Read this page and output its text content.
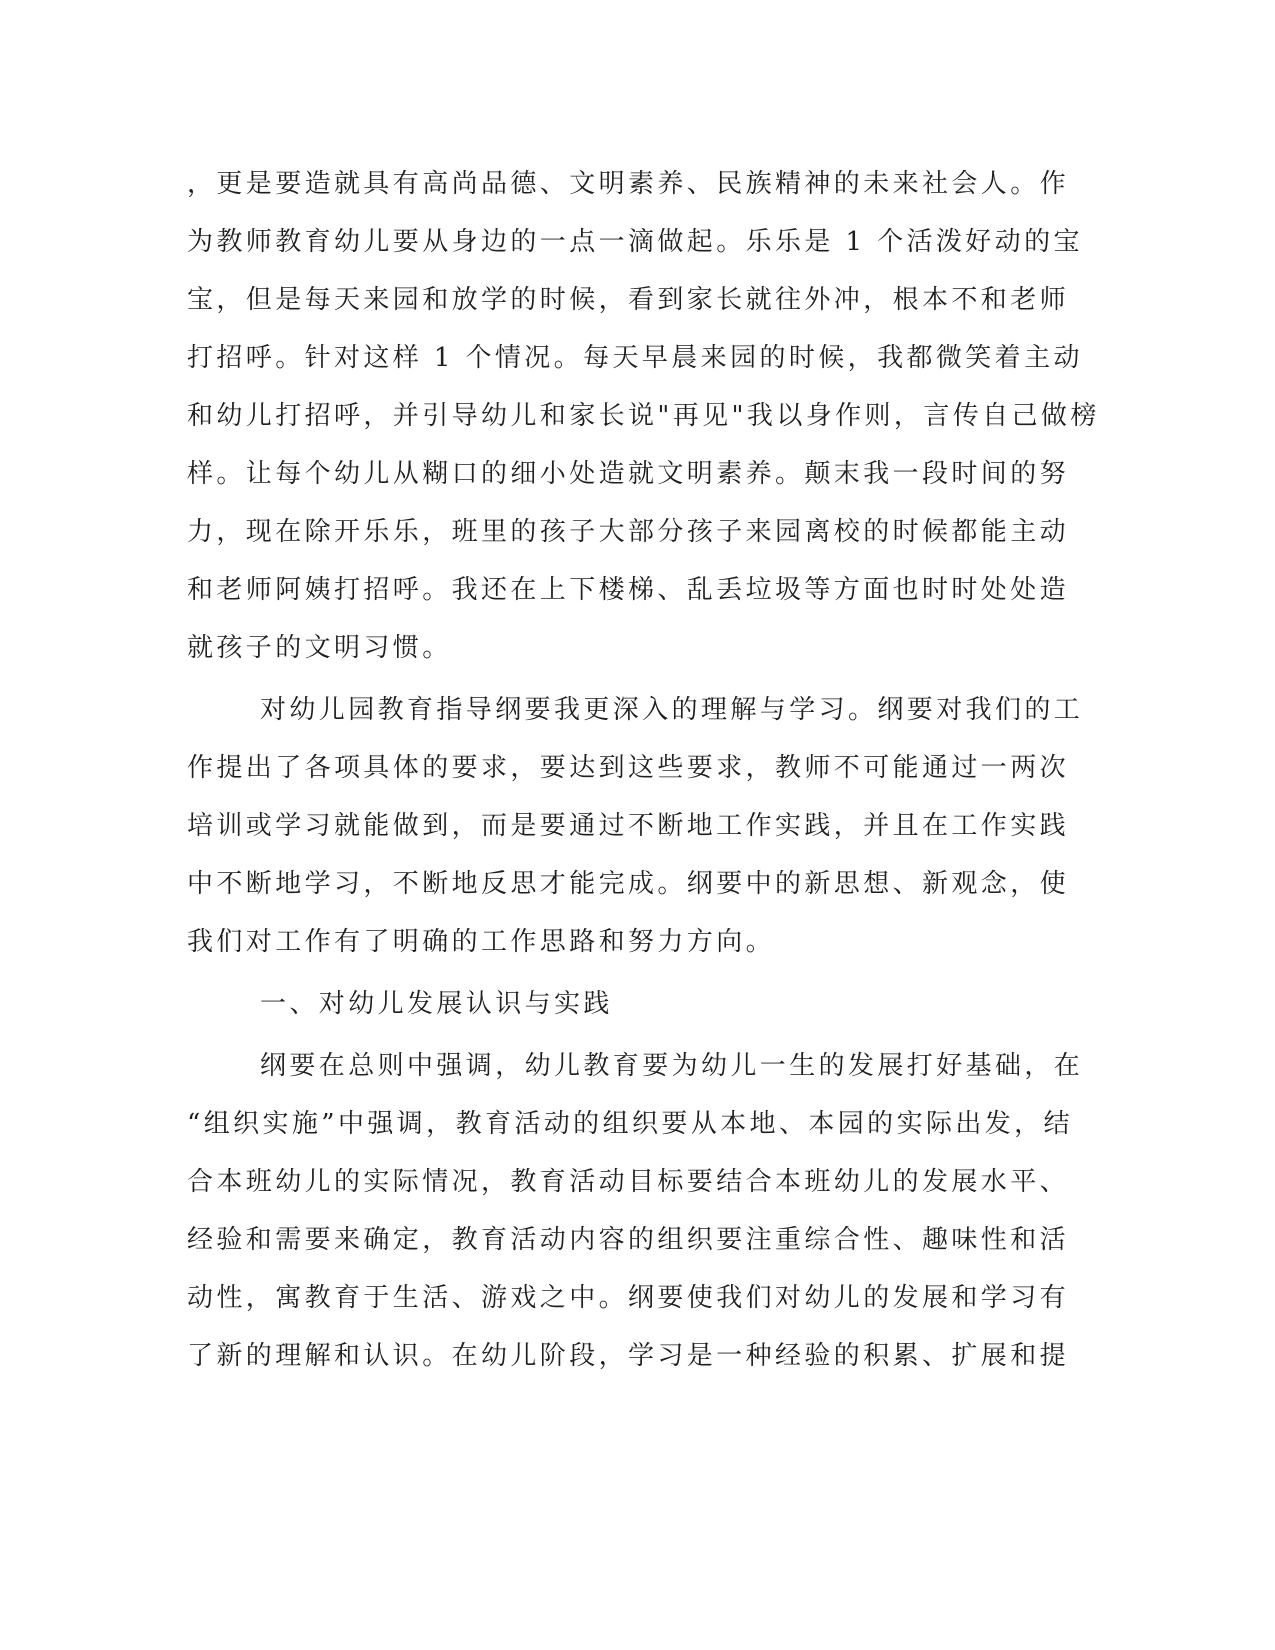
，更是要造就具有高尚品德、文明素养、民族精神的未来社会人。作
为教师教育幼儿要从身边的一点一滴做起。乐乐是 1 个活泼好动的宝
宝，但是每天来园和放学的时候，看到家长就往外冲，根本不和老师
打招呼。针对这样 1 个情况。每天早晨来园的时候，我都微笑着主动
和幼儿打招呼，并引导幼儿和家长说"再见"我以身作则，言传自己做榜
样。让每个幼儿从糊口的细小处造就文明素养。颠末我一段时间的努
力，现在除开乐乐，班里的孩子大部分孩子来园离校的时候都能主动
和老师阿姨打招呼。我还在上下楼梯、乱丢垃圾等方面也时时处处造
就孩子的文明习惯。
对幼儿园教育指导纲要我更深入的理解与学习。纲要对我们的工
作提出了各项具体的要求，要达到这些要求，教师不可能通过一两次
培训或学习就能做到，而是要通过不断地工作实践，并且在工作实践
中不断地学习，不断地反思才能完成。纲要中的新思想、新观念，使
我们对工作有了明确的工作思路和努力方向。
一、对幼儿发展认识与实践
纲要在总则中强调，幼儿教育要为幼儿一生的发展打好基础，在
“组织实施”中强调，教育活动的组织要从本地、本园的实际出发，结
合本班幼儿的实际情况，教育活动目标要结合本班幼儿的发展水平、
经验和需要来确定，教育活动内容的组织要注重综合性、趣味性和活
动性，寓教育于生活、游戏之中。纲要使我们对幼儿的发展和学习有
了新的理解和认识。在幼儿阶段，学习是一种经验的积累、扩展和提
